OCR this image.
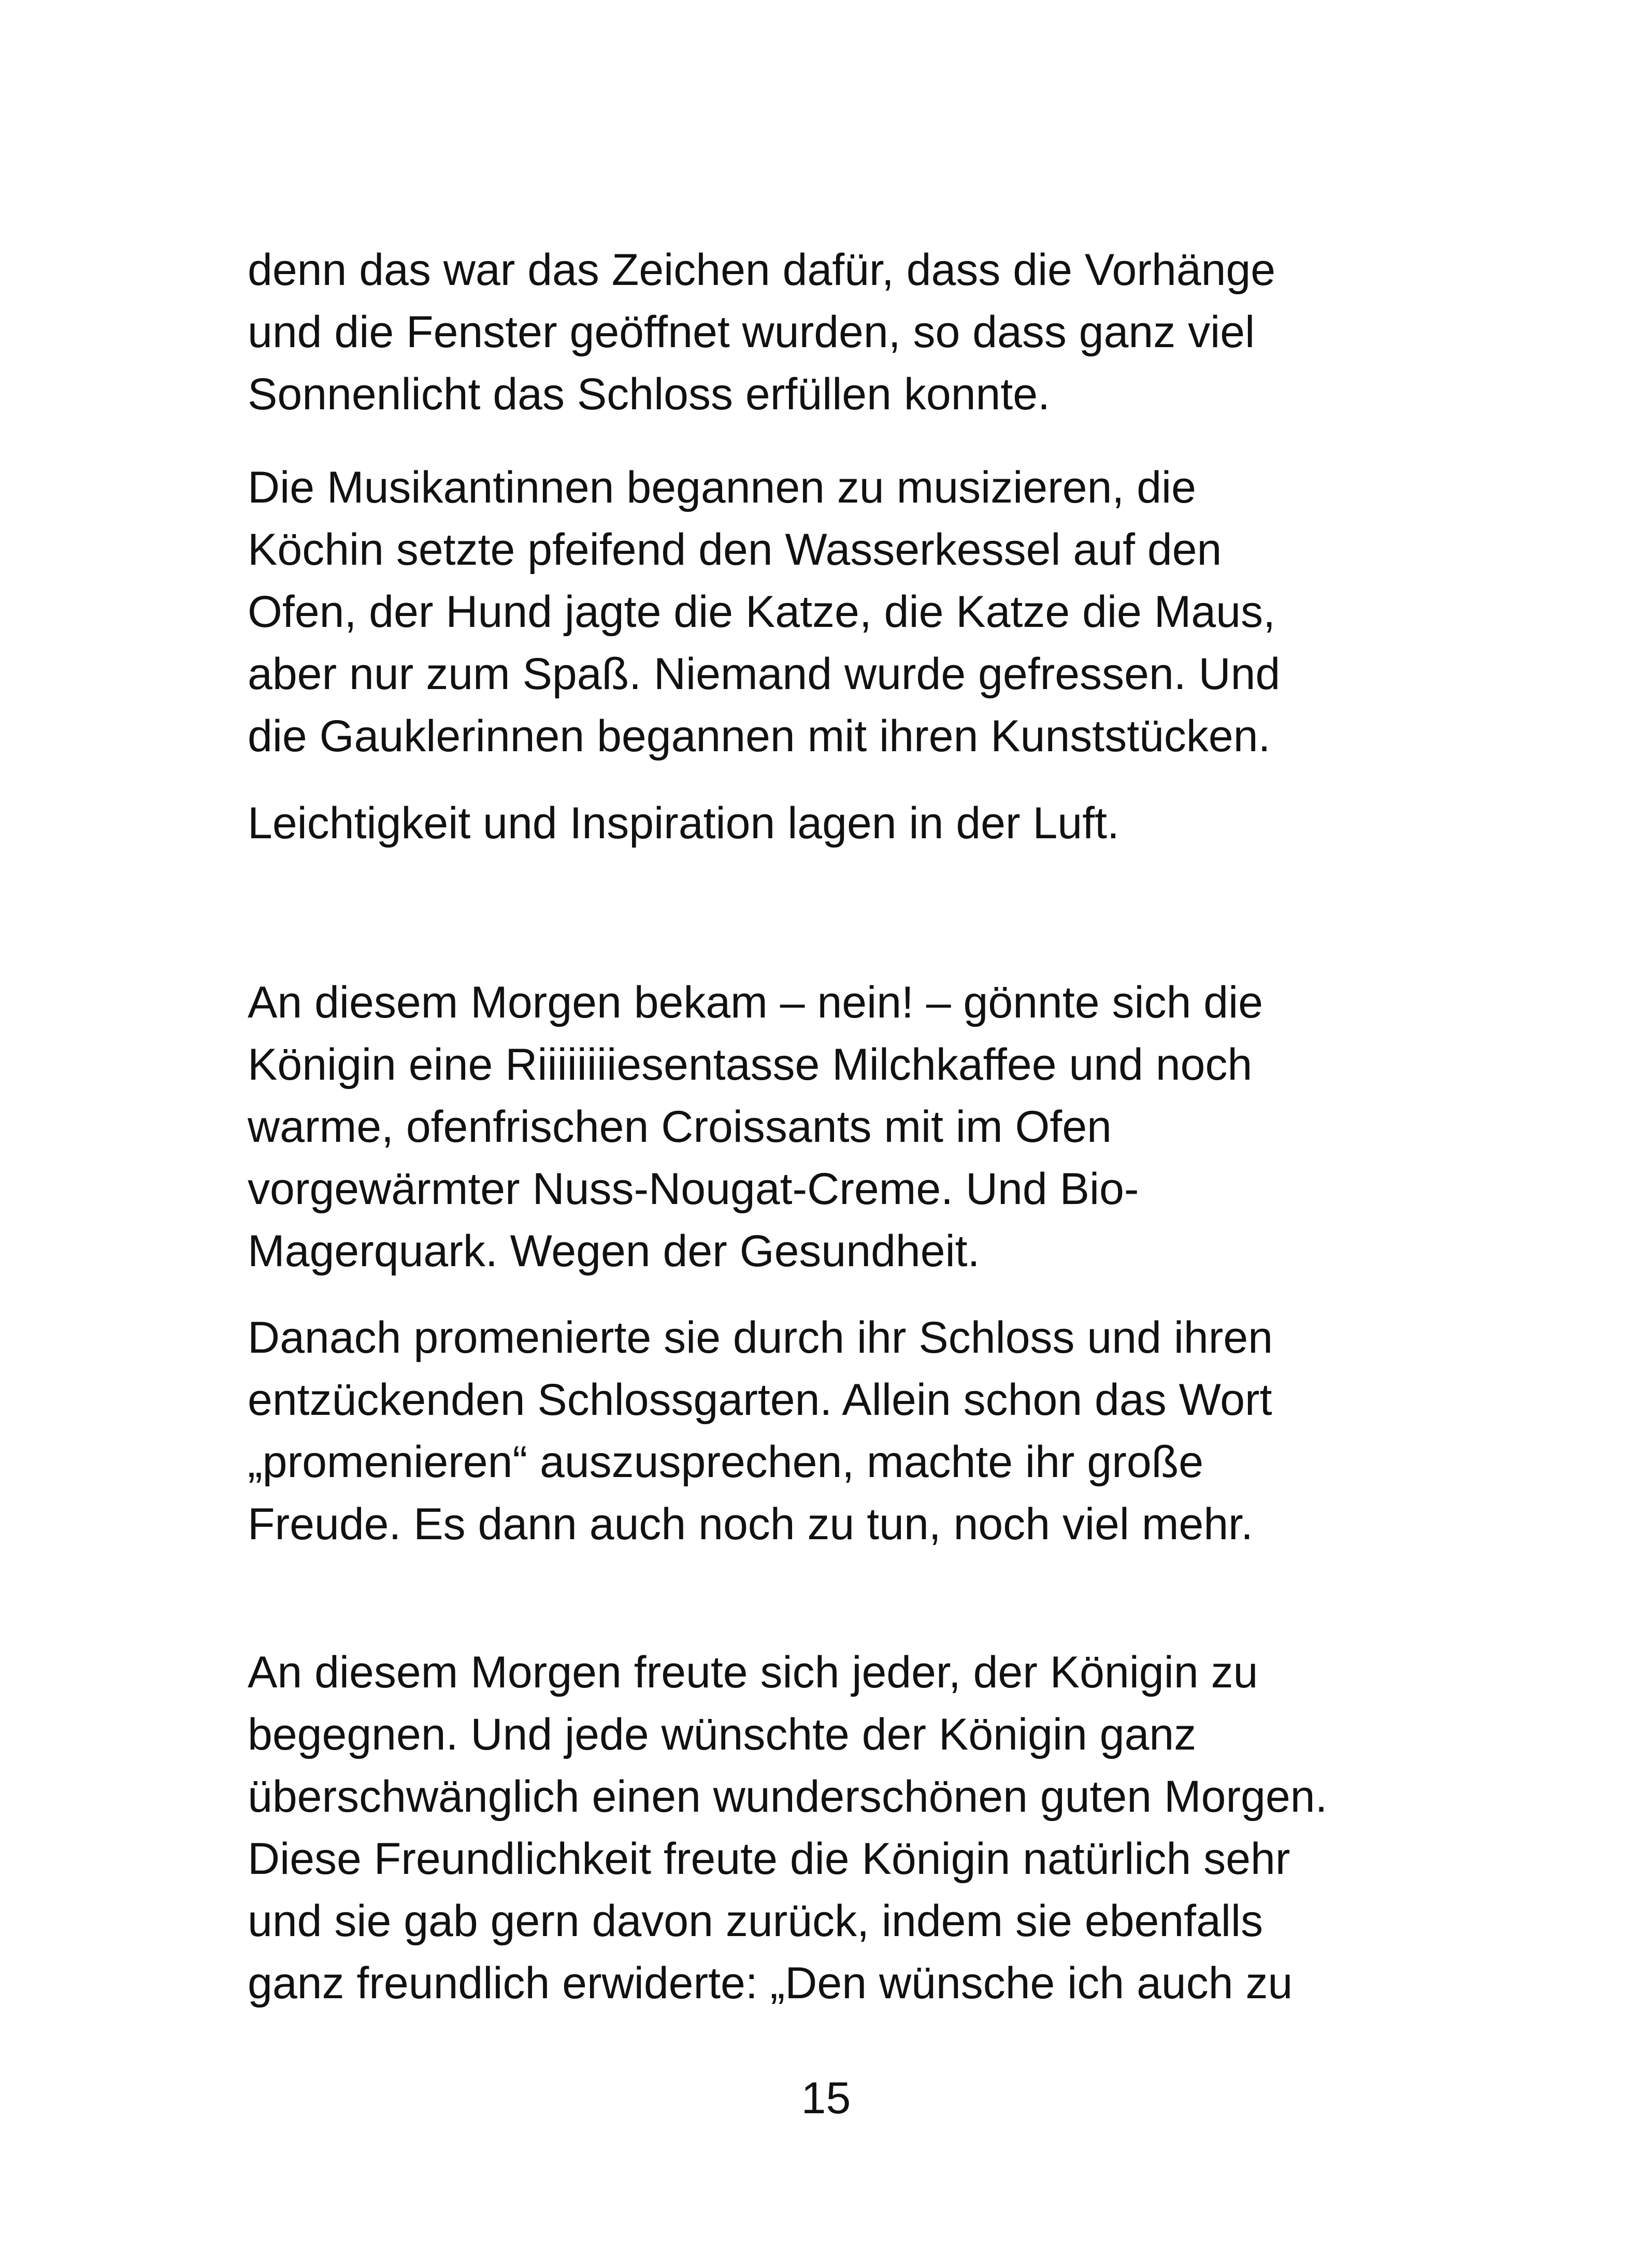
denn das war das Zeichen dafür, dass die Vorhänge
und die Fenster geöffnet wurden, so dass ganz viel
Sonnenlicht das Schloss erfüllen konnte.

Die Musikantinnen begannen zu musizieren, die
Köchin setzte pfeifend den Wasserkessel auf den
Ofen, der Hund jagte die Katze, die Katze die Maus,
aber nur zum Spaß. Niemand wurde gefressen. Und
die Gauklerinnen begannen mit ihren Kunststücken.

Leichtigkeit und Inspiration lagen in der Luft.

An diesem Morgen bekam – nein! – gönnte sich die
Königin eine Riiiiiiiiesentasse Milchkaffee und noch
warme, ofenfrischen Croissants mit im Ofen
vorgewärmter Nuss-Nougat-Creme. Und Bio-
Magerquark. Wegen der Gesundheit.

Danach promenierte sie durch ihr Schloss und ihren
entzückenden Schlossgarten. Allein schon das Wort
„promenieren“ auszusprechen, machte ihr große
Freude. Es dann auch noch zu tun, noch viel mehr.

An diesem Morgen freute sich jeder, der Königin zu
begegnen. Und jede wünschte der Königin ganz
überschwänglich einen wunderschönen guten Morgen.
Diese Freundlichkeit freute die Königin natürlich sehr
und sie gab gern davon zurück, indem sie ebenfalls
ganz freundlich erwiderte: „Den wünsche ich auch zu

15
